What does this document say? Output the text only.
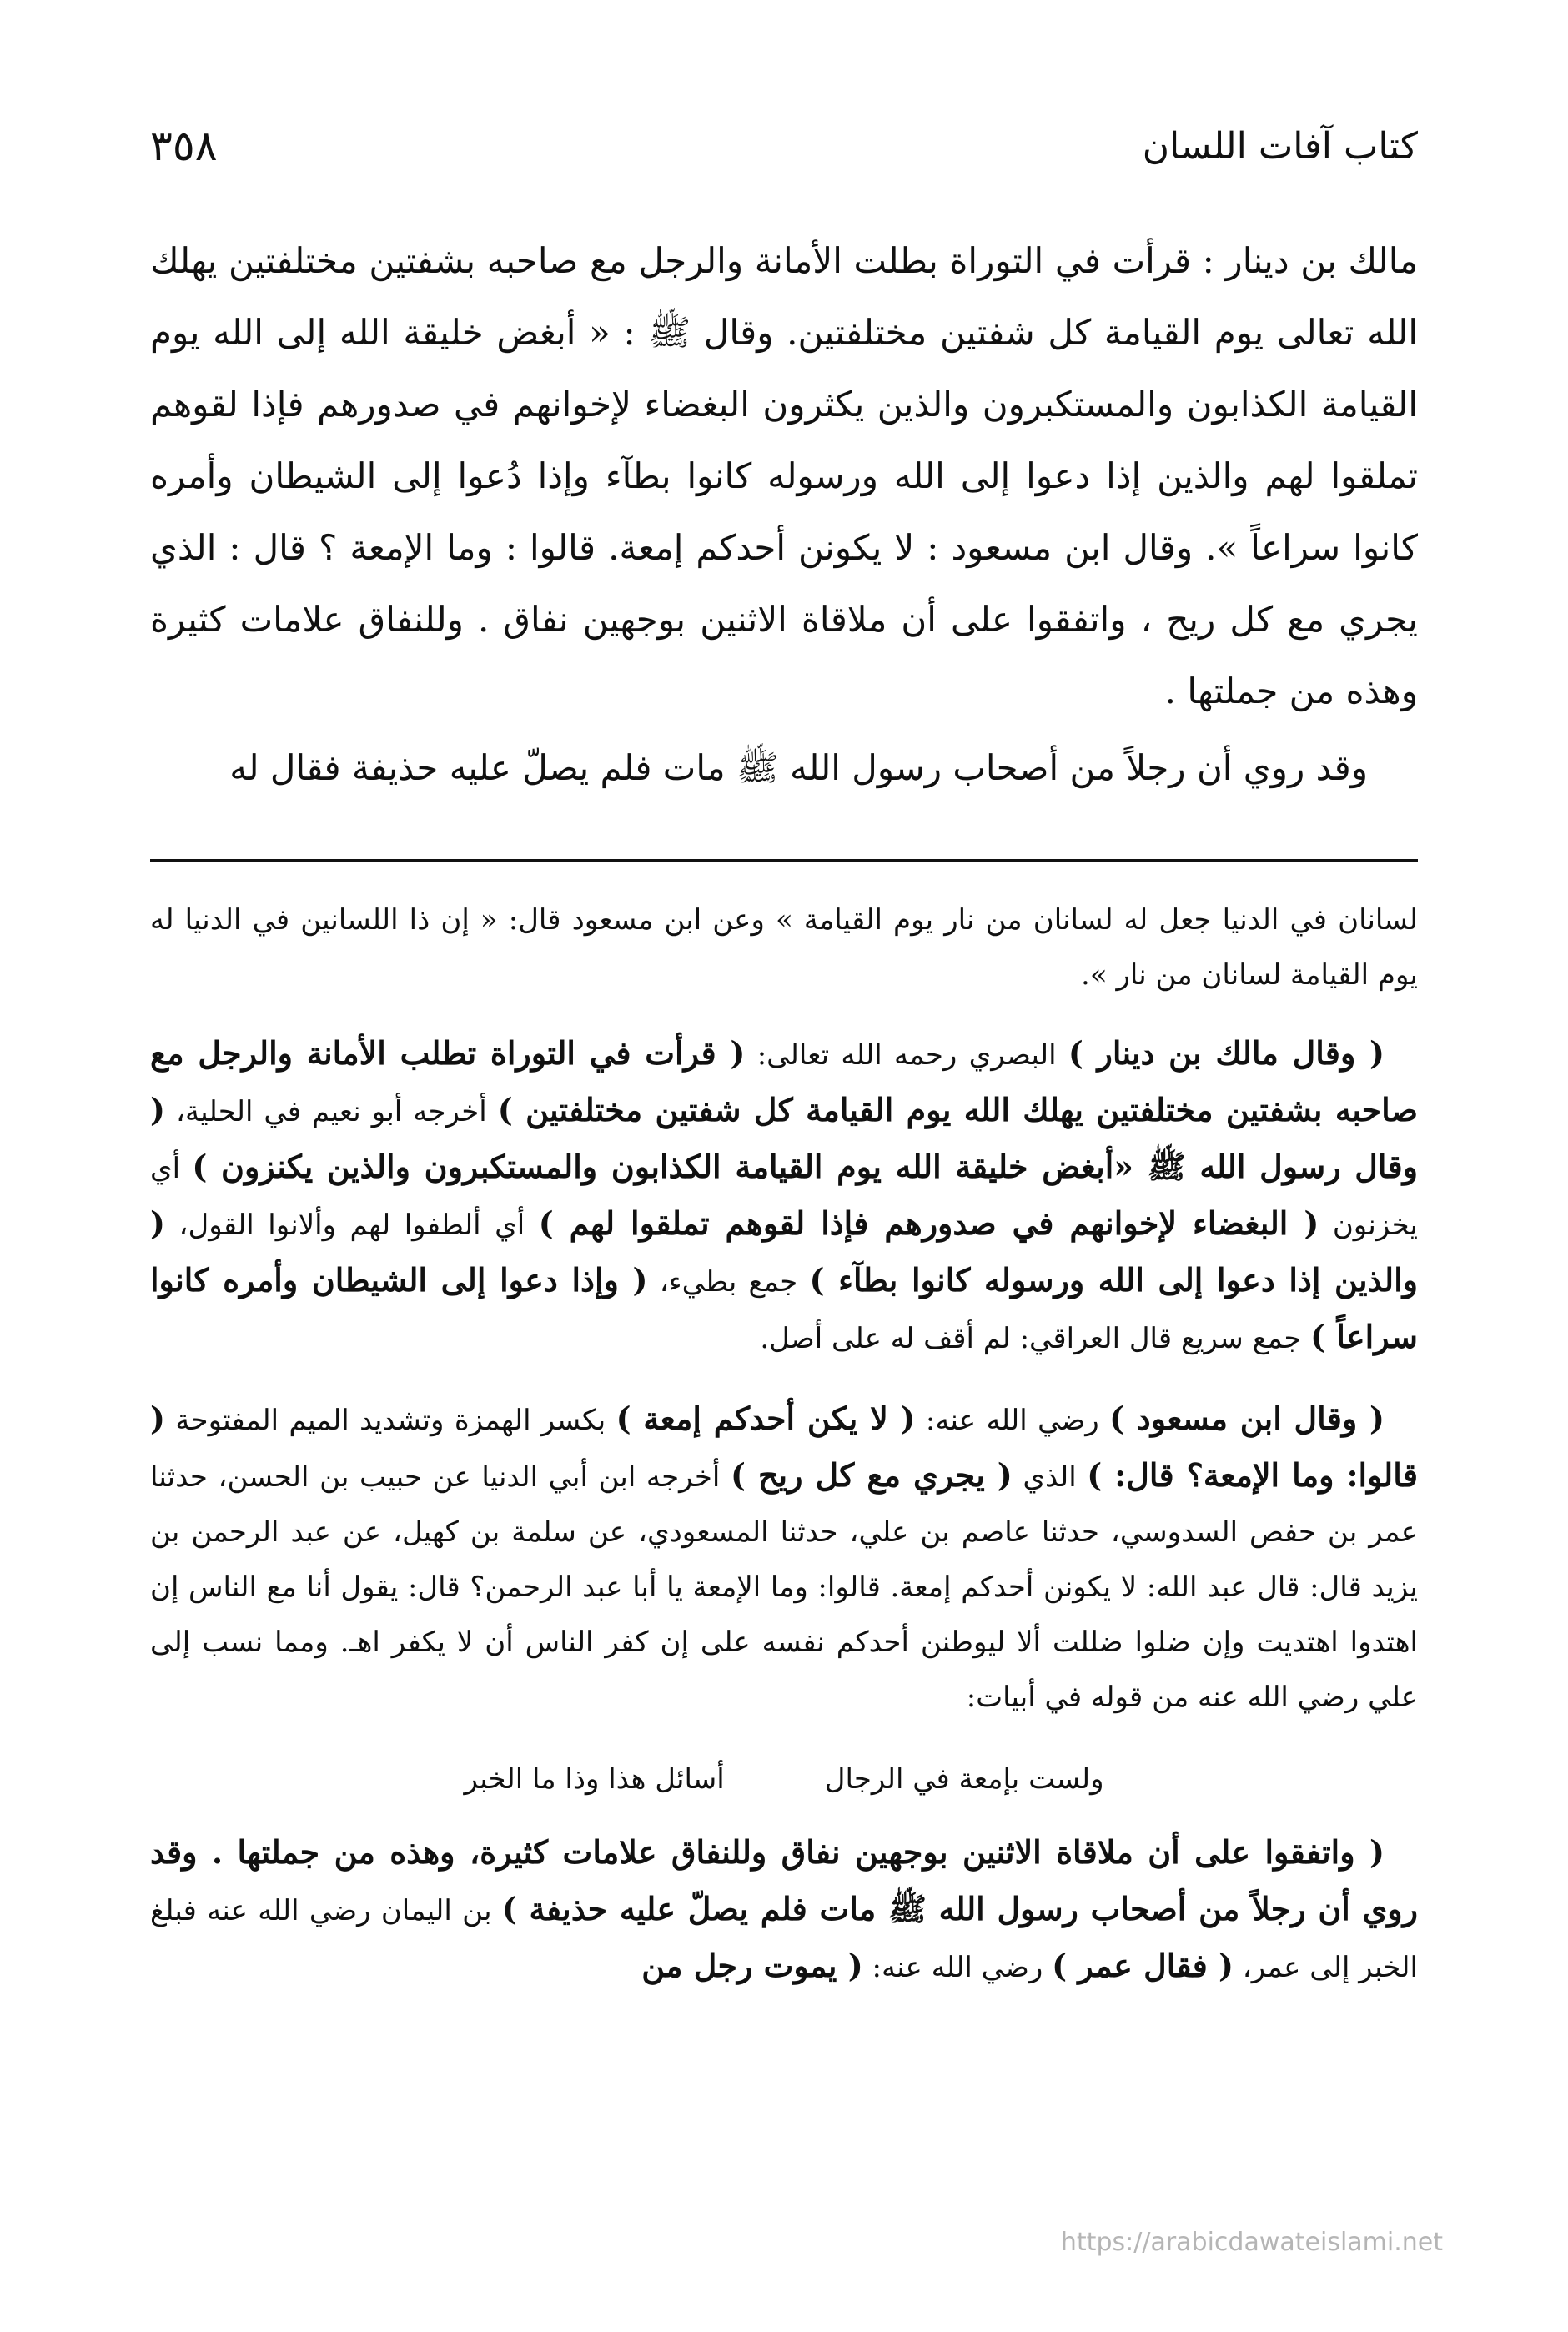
كتاب آفات اللسان
٣٥٨

مالك بن دينار : قرأت في التوراة بطلت الأمانة والرجل مع صاحبه بشفتين مختلفتين يهلك الله تعالى يوم القيامة كل شفتين مختلفتين. وقال ﷺ : « أبغض خليقة الله إلى الله يوم القيامة الكذابون والمستكبرون والذين يكثرون البغضاء لإخوانهم في صدورهم فإذا لقوهم تملقوا لهم والذين إذا دعوا إلى الله ورسوله كانوا بطآء وإذا دُعوا إلى الشيطان وأمره كانوا سراعاً ». وقال ابن مسعود : لا يكونن أحدكم إمعة. قالوا : وما الإمعة ؟ قال : الذي يجري مع كل ريح ، واتفقوا على أن ملاقاة الاثنين بوجهين نفاق . وللنفاق علامات كثيرة وهذه من جملتها .

وقد روي أن رجلاً من أصحاب رسول الله ﷺ مات فلم يصلّ عليه حذيفة فقال له

لسانان في الدنيا جعل له لسانان من نار يوم القيامة » وعن ابن مسعود قال: « إن ذا اللسانين في الدنيا له يوم القيامة لسانان من نار ».

( وقال مالك بن دينار ) البصري رحمه الله تعالى: ( قرأت في التوراة تطلب الأمانة والرجل مع صاحبه بشفتين مختلفتين يهلك الله يوم القيامة كل شفتين مختلفتين ) أخرجه أبو نعيم في الحلية، ( وقال رسول الله ﷺ «أبغض خليقة الله يوم القيامة الكذابون والمستكبرون والذين يكنزون ) أي يخزنون ( البغضاء لإخوانهم في صدورهم فإذا لقوهم تملقوا لهم ) أي ألطفوا لهم وألانوا القول، ( والذين إذا دعوا إلى الله ورسوله كانوا بطآء ) جمع بطيء، ( وإذا دعوا إلى الشيطان وأمره كانوا سراعاً ) جمع سريع قال العراقي: لم أقف له على أصل.

( وقال ابن مسعود ) رضي الله عنه: ( لا يكن أحدكم إمعة ) بكسر الهمزة وتشديد الميم المفتوحة ( قالوا: وما الإمعة؟ قال: ) الذي ( يجري مع كل ريح ) أخرجه ابن أبي الدنيا عن حبيب بن الحسن، حدثنا عمر بن حفص السدوسي، حدثنا عاصم بن علي، حدثنا المسعودي، عن سلمة بن كهيل، عن عبد الرحمن بن يزيد قال: قال عبد الله: لا يكونن أحدكم إمعة. قالوا: وما الإمعة يا أبا عبد الرحمن؟ قال: يقول أنا مع الناس إن اهتدوا اهتديت وإن ضلوا ضللت ألا ليوطنن أحدكم نفسه على إن كفر الناس أن لا يكفر اهـ. ومما نسب إلى علي رضي الله عنه من قوله في أبيات:

ولست بإمعة في الرجال
أسائل هذا وذا ما الخبر

( واتفقوا على أن ملاقاة الاثنين بوجهين نفاق وللنفاق علامات كثيرة، وهذه من جملتها . وقد روي أن رجلاً من أصحاب رسول الله ﷺ مات فلم يصلّ عليه حذيفة ) بن اليمان رضي الله عنه فبلغ الخبر إلى عمر، ( فقال عمر ) رضي الله عنه: ( يموت رجل من

https://arabicdawateislami.net
